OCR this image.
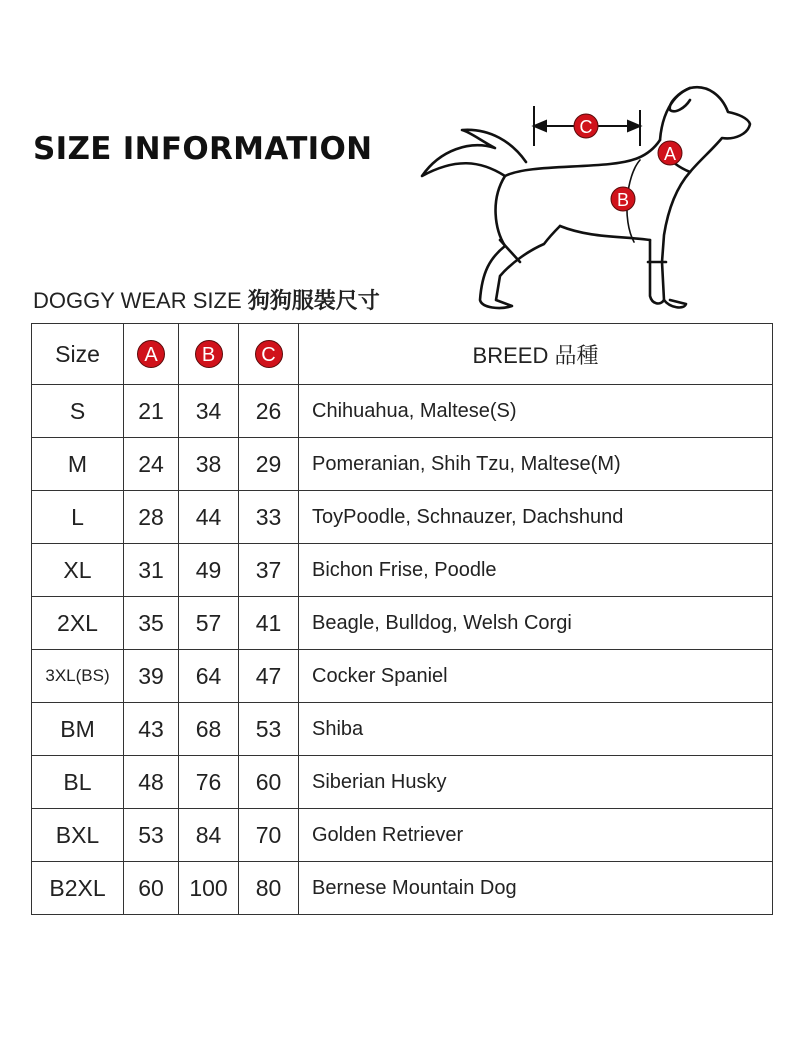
SIZE INFORMATION
DOGGY WEAR SIZE 狗狗服裝尺寸
C
A
B
Size	A	B	C	BREED 品種
S	21	34	26	Chihuahua, Maltese(S)
M	24	38	29	Pomeranian, Shih Tzu, Maltese(M)
L	28	44	33	ToyPoodle, Schnauzer, Dachshund
XL	31	49	37	Bichon Frise, Poodle
2XL	35	57	41	Beagle, Bulldog, Welsh Corgi
3XL(BS)	39	64	47	Cocker Spaniel
BM	43	68	53	Shiba
BL	48	76	60	Siberian Husky
BXL	53	84	70	Golden Retriever
B2XL	60	100	80	Bernese Mountain Dog
